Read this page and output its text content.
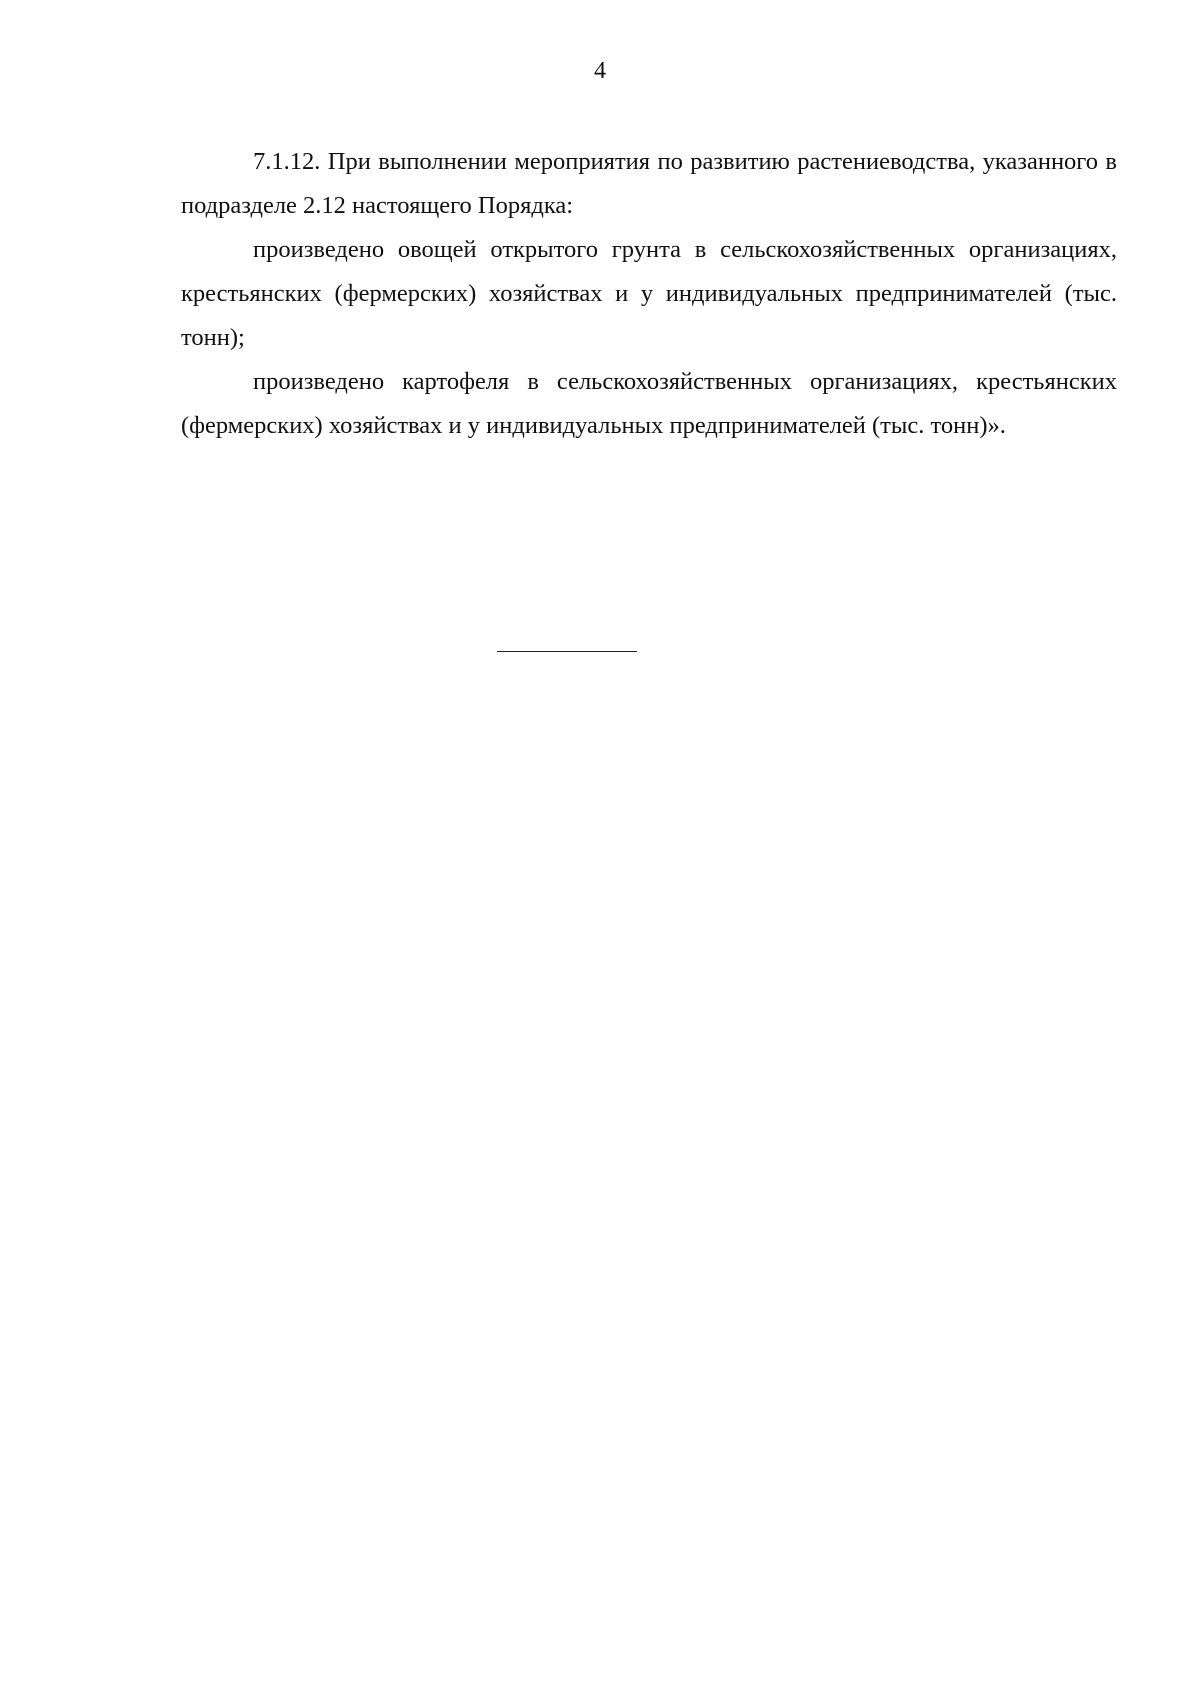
4

7.1.12. При выполнении мероприятия по развитию растениеводства, указанного в подразделе 2.12 настоящего Порядка:

произведено овощей открытого грунта в сельскохозяйственных организациях, крестьянских (фермерских) хозяйствах и у индивидуальных предпринимателей (тыс. тонн);

произведено картофеля в сельскохозяйственных организациях, крестьянских (фермерских) хозяйствах и у индивидуальных предпринимателей (тыс. тонн)».
